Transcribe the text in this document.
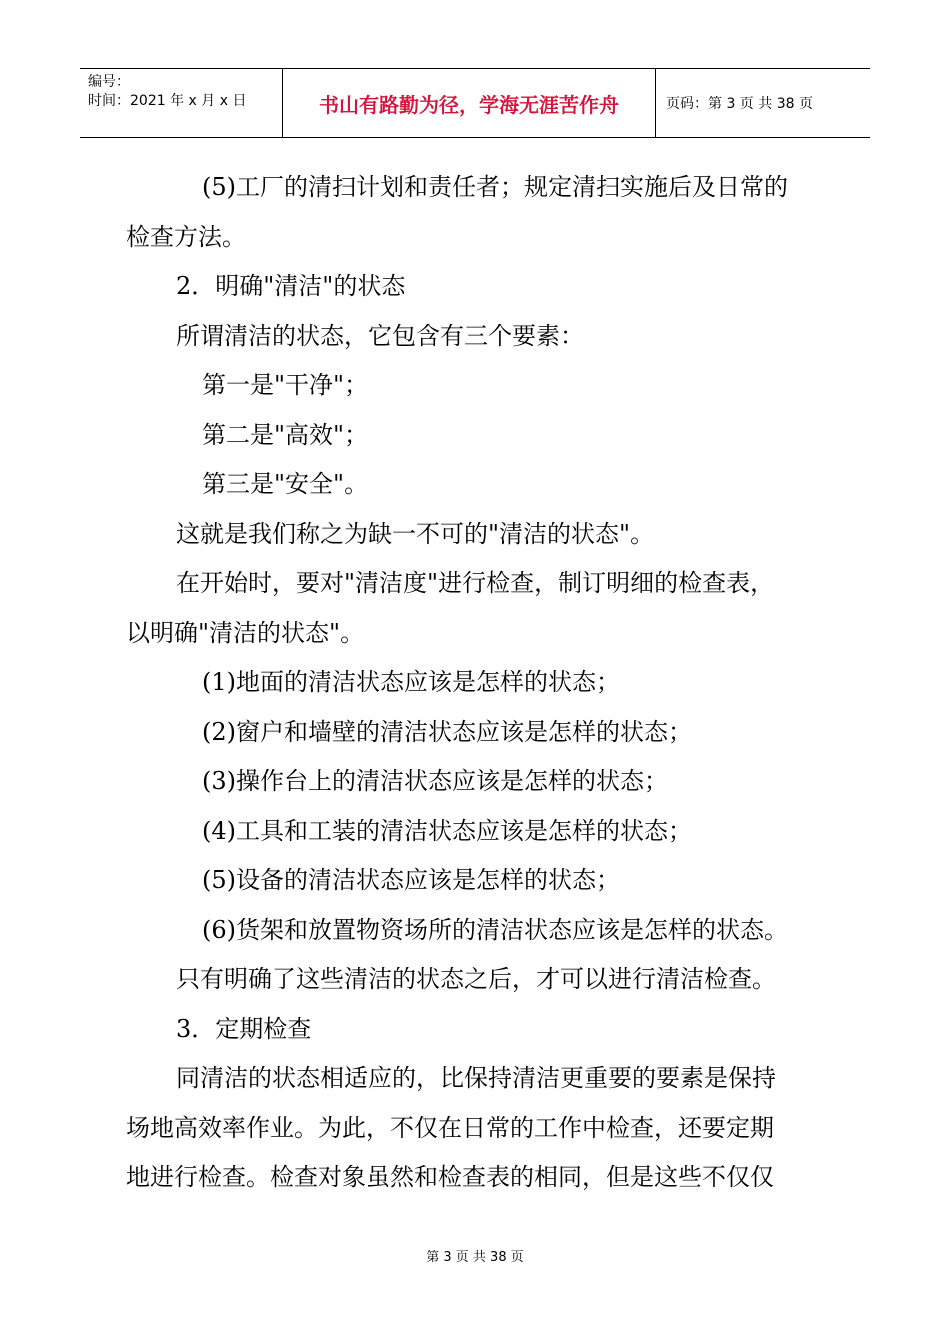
编号：
时间：2021 年 x 月 x 日	书山有路勤为径，学海无涯苦作舟	页码：第 3 页 共 38 页

(5)工厂的清扫计划和责任者；规定清扫实施后及日常的

检查方法。

2．明确"清洁"的状态

所谓清洁的状态，它包含有三个要素：

第一是"干净"；

第二是"高效"；

第三是"安全"。

这就是我们称之为缺一不可的"清洁的状态"。

在开始时，要对"清洁度"进行检查，制订明细的检查表，

以明确"清洁的状态"。

(1)地面的清洁状态应该是怎样的状态；

(2)窗户和墙壁的清洁状态应该是怎样的状态；

(3)操作台上的清洁状态应该是怎样的状态；

(4)工具和工装的清洁状态应该是怎样的状态；

(5)设备的清洁状态应该是怎样的状态；

(6)货架和放置物资场所的清洁状态应该是怎样的状态。

只有明确了这些清洁的状态之后，才可以进行清洁检查。

3．定期检查

同清洁的状态相适应的，比保持清洁更重要的要素是保持

场地高效率作业。为此，不仅在日常的工作中检查，还要定期

地进行检查。检查对象虽然和检查表的相同，但是这些不仅仅

第 3 页 共 38 页
